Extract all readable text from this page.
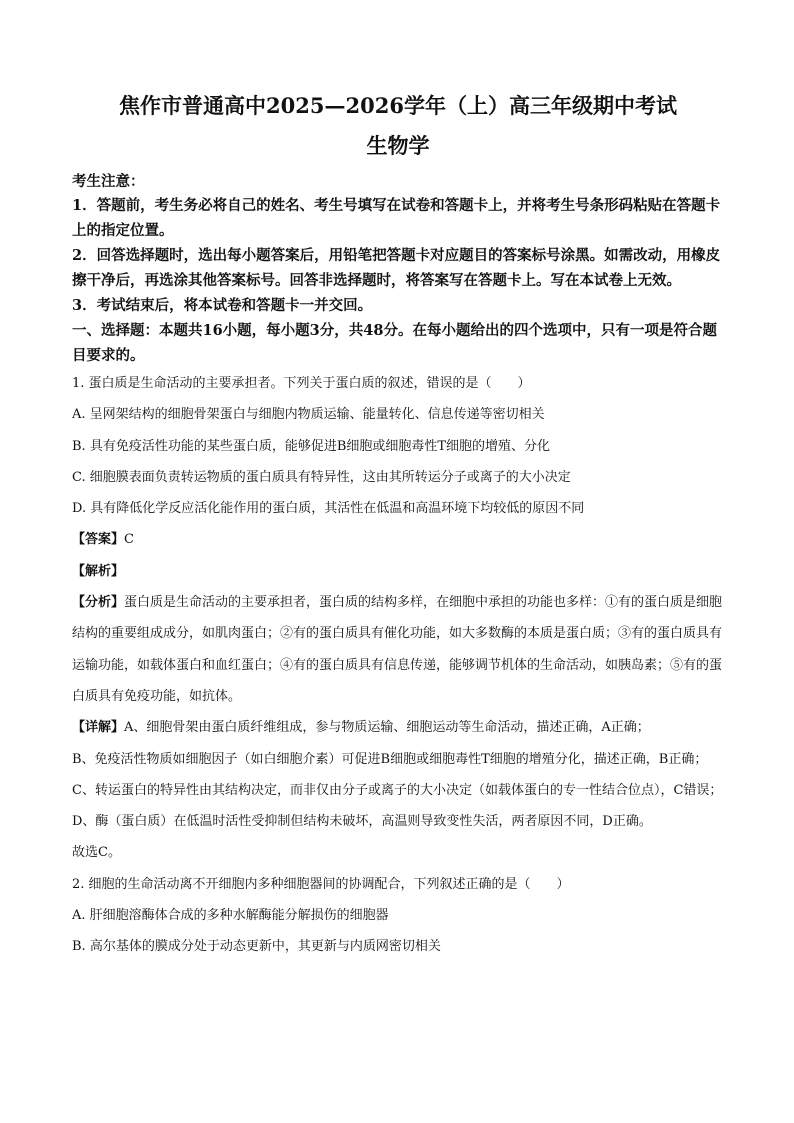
焦作市普通高中2025—2026学年（上）高三年级期中考试
生物学
考生注意：

1．答题前，考生务必将自己的姓名、考生号填写在试卷和答题卡上，并将考生号条形码粘贴在答题卡上的指定位置。

2．回答选择题时，选出每小题答案后，用铅笔把答题卡对应题目的答案标号涂黑。如需改动，用橡皮擦干净后，再选涂其他答案标号。回答非选择题时，将答案写在答题卡上。写在本试卷上无效。

3．考试结束后，将本试卷和答题卡一并交回。

一、选择题：本题共16小题，每小题3分，共48分。在每小题给出的四个选项中，只有一项是符合题目要求的。

1. 蛋白质是生命活动的主要承担者。下列关于蛋白质的叙述，错误的是（　　）

A. 呈网架结构的细胞骨架蛋白与细胞内物质运输、能量转化、信息传递等密切相关

B. 具有免疫活性功能的某些蛋白质，能够促进B细胞或细胞毒性T细胞的增殖、分化

C. 细胞膜表面负责转运物质的蛋白质具有特异性，这由其所转运分子或离子的大小决定

D. 具有降低化学反应活化能作用的蛋白质，其活性在低温和高温环境下均较低的原因不同

【答案】C

【解析】

【分析】蛋白质是生命活动的主要承担者，蛋白质的结构多样，在细胞中承担的功能也多样：①有的蛋白质是细胞结构的重要组成成分，如肌肉蛋白；②有的蛋白质具有催化功能，如大多数酶的本质是蛋白质；③有的蛋白质具有运输功能，如载体蛋白和血红蛋白；④有的蛋白质具有信息传递，能够调节机体的生命活动，如胰岛素；⑤有的蛋白质具有免疫功能，如抗体。

【详解】A、细胞骨架由蛋白质纤维组成，参与物质运输、细胞运动等生命活动，描述正确，A正确；

B、免疫活性物质如细胞因子（如白细胞介素）可促进B细胞或细胞毒性T细胞的增殖分化，描述正确，B正确；

C、转运蛋白的特异性由其结构决定，而非仅由分子或离子的大小决定（如载体蛋白的专一性结合位点），C错误；

D、酶（蛋白质）在低温时活性受抑制但结构未破坏，高温则导致变性失活，两者原因不同，D正确。

故选C。

2. 细胞的生命活动离不开细胞内多种细胞器间的协调配合，下列叙述正确的是（　　）

A. 肝细胞溶酶体合成的多种水解酶能分解损伤的细胞器

B. 高尔基体的膜成分处于动态更新中，其更新与内质网密切相关
